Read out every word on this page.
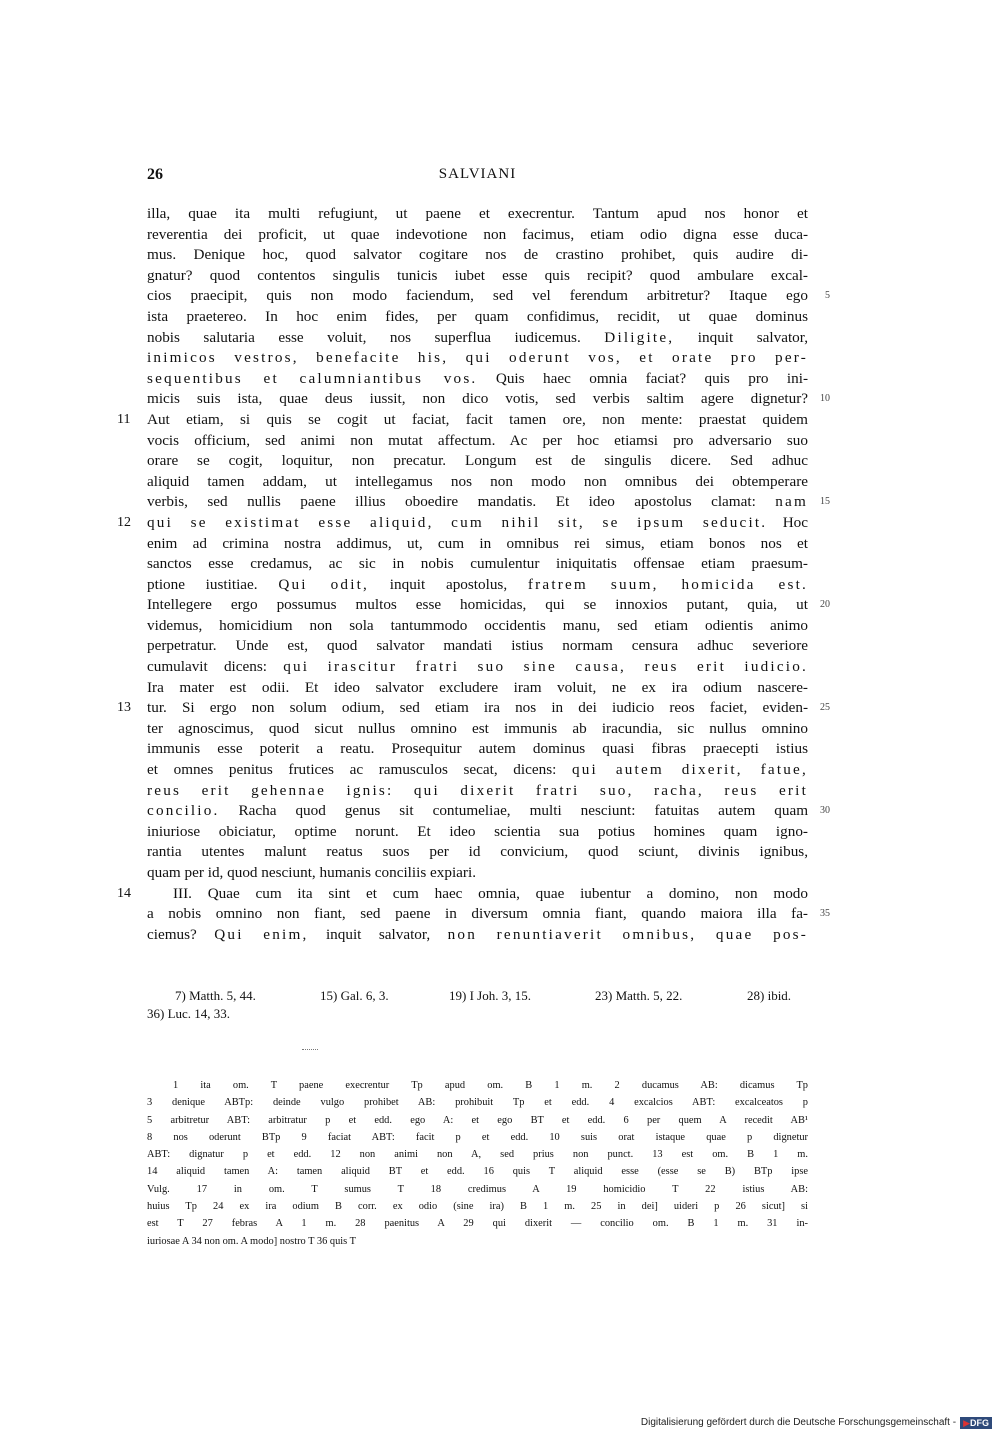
26	SALVIANI
illa, quae ita multi refugiunt, ut paene et execrentur. Tantum apud nos honor et
reverentia dei proficit, ut quae indevotione non facimus, etiam odio digna esse duca-
mus. Denique hoc, quod salvator cogitare nos de crastino prohibet, quis audire di-
gnatur? quod contentos singulis tunicis iubet esse quis recipit? quod ambulare excal-
cios praecipit, quis non modo faciendum, sed vel ferendum arbitretur? Itaque ego 5
ista praetereo. In hoc enim fides, per quam confidimus, recidit, ut quae dominus
nobis salutaria esse voluit, nos superflua iudicemus. Diligite, inquit salvator,
inimicos vestros, benefacite his, qui oderunt vos, et orate pro per-
sequentibus et calumniantibus vos. Quis haec omnia faciat? quis pro ini-
micis suis ista, quae deus iussit, non dico votis, sed verbis saltim agere dignetur? 10
11 Aut etiam, si quis se cogit ut faciat, facit tamen ore, non mente: praestat quidem
vocis officium, sed animi non mutat affectum. Ac per hoc etiamsi pro adversario suo
orare se cogit, loquitur, non precatur. Longum est de singulis dicere. Sed adhuc
aliquid tamen addam, ut intellegamus nos non modo non omnibus dei obtemperare
verbis, sed nullis paene illius oboedire mandatis. Et ideo apostolus clamat: nam 15
12 qui se existimat esse aliquid, cum nihil sit, se ipsum seducit. Hoc
enim ad crimina nostra addimus, ut, cum in omnibus rei simus, etiam bonos nos et
sanctos esse credamus, ac sic in nobis cumulentur iniquitatis offensae etiam praesum-
ptione iustitiae. Qui odit, inquit apostolus, fratrem suum, homicida est.
Intellegere ergo possumus multos esse homicidas, qui se innoxios putant, quia, ut 20
videmus, homicidium non sola tantummodo occidentis manu, sed etiam odientis animo
perpetratur. Unde est, quod salvator mandati istius normam censura adhuc severiore
cumulavit dicens: qui irascitur fratri suo sine causa, reus erit iudicio.
Ira mater est odii. Et ideo salvator excludere iram voluit, ne ex ira odium nascere-
13 tur. Si ergo non solum odium, sed etiam ira nos in dei iudicio reos faciet, eviden- 25
ter agnoscimus, quod sicut nullus omnino est immunis ab iracundia, sic nullus omnino
immunis esse poterit a reatu. Prosequitur autem dominus quasi fibras praecepti istius
et omnes penitus frutices ac ramusculos secat, dicens: qui autem dixerit, fatue,
reus erit gehennae ignis: qui dixerit fratri suo, racha, reus erit
concilio. Racha quod genus sit contumeliae, multi nesciunt: fatuitas autem quam 30
iniuriose obiciatur, optime norunt. Et ideo scientia sua potius homines quam igno-
rantia utentes malunt reatus suos per id convicium, quod sciunt, divinis ignibus,
quam per id, quod nesciunt, humanis conciliis expiari.
14	III. Quae cum ita sint et cum haec omnia, quae iubentur a domino, non modo
a nobis omnino non fiant, sed paene in diversum omnia fiant, quando maiora illa fa- 35
ciemus? Qui enim, inquit salvator, non renuntiaverit omnibus, quae pos-
7) Matth. 5, 44.	15) Gal. 6, 3.	19) I Joh. 3, 15.	23) Matth. 5, 22.	28) ibid.
36) Luc. 14, 33.
1 ita om. T paene execrentur Tp apud om. B 1 m. 2 ducamus AB: dicamus Tp
3 denique ABTp: deinde vulgo prohibet AB: prohibuit Tp et edd. 4 excalcios ABT: excalceatos p
5 arbitretur ABT: arbitratur p et edd. ego A: et ego BT et edd. 6 per quem A recedit AB¹
8 nos oderunt BTp 9 faciat ABT: facit p et edd. 10 suis orat istaque quae p dignetur
ABT: dignatur p et edd. 12 non animi non A, sed prius non punct. 13 est om. B 1 m.
14 aliquid tamen A: tamen aliquid BT et edd. 16 quis T aliquid esse (esse se B) BTp ipse
Vulg. 17 in om. T sumus T 18 credimus A 19 homicidio T 22 istius AB:
huius Tp 24 ex ira odium B corr. ex odio (sine ira) B 1 m. 25 in dei] uideri p 26 sicut] si
est T 27 febras A 1 m. 28 paenitus A 29 qui dixerit — concilio om. B 1 m. 31 in-
iuriosae A 34 non om. A modo] nostro T 36 quis T
Digitalisierung gefördert durch die Deutsche Forschungsgemeinschaft - ▶DFG
